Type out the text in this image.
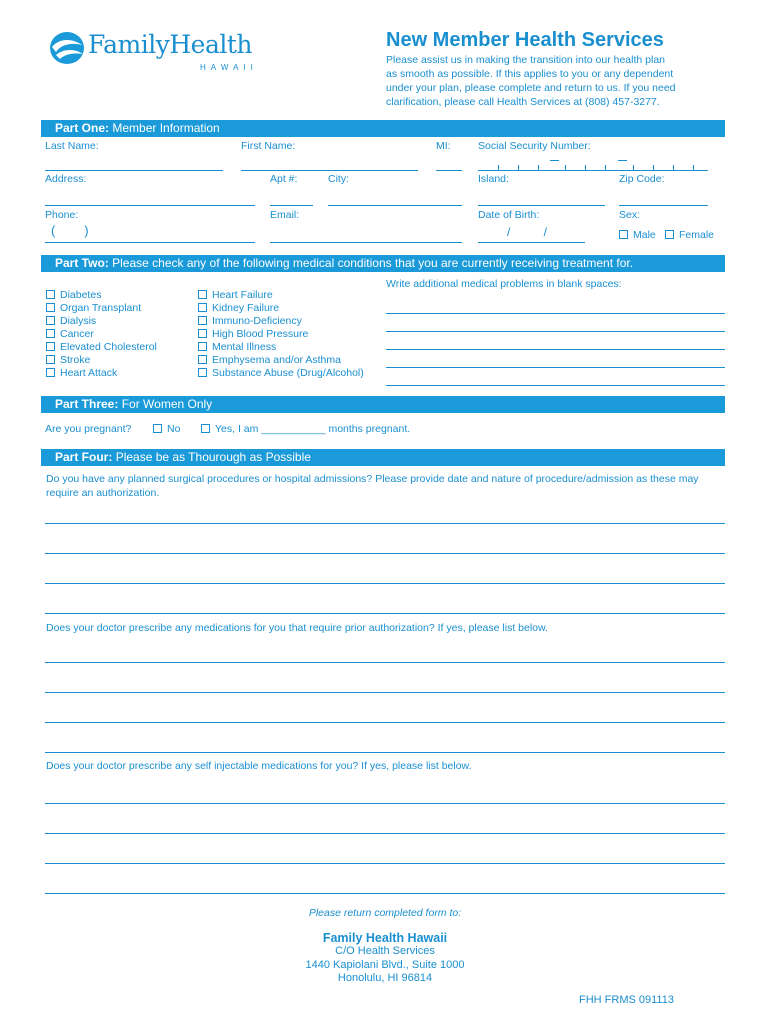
FamilyHealth
HAWAII
New Member Health Services
Please assist us in making the transition into our health plan
as smooth as possible. If this applies to you or any dependent
under your plan, please complete and return to us. If you need
clarification, please call Health Services at (808) 457-3277.
Part One: Member Information
Last Name:	First Name:	MI:	Social Security Number:
Address:	Apt #:	City:	Island:	Zip Code:
Phone:
(        )
Email:	Date of Birth:
/          /
Sex:
Male	Female
Part Two: Please check any of the following medical conditions that you are currently receiving treatment for.
Write additional medical problems in blank spaces:
Diabetes
Organ Transplant
Dialysis
Cancer
Elevated Cholesterol
Stroke
Heart Attack
Heart Failure
Kidney Failure
Immuno-Deficiency
High Blood Pressure
Mental Illness
Emphysema and/or Asthma
Substance Abuse (Drug/Alcohol)
Part Three: For Women Only
Are you pregnant?	No	Yes, I am ___________ months pregnant.
Part Four: Please be as Thourough as Possible
Do you have any planned surgical procedures or hospital admissions? Please provide date and nature of procedure/admission as these may
require an authorization.
Does your doctor prescribe any medications for you that require prior authorization? If yes, please list below.
Does your doctor prescribe any self injectable medications for you? If yes, please list below.
Please return completed form to:
Family Health Hawaii
C/O Health Services
1440 Kapiolani Blvd., Suite 1000
Honolulu, HI 96814
FHH FRMS 091113
